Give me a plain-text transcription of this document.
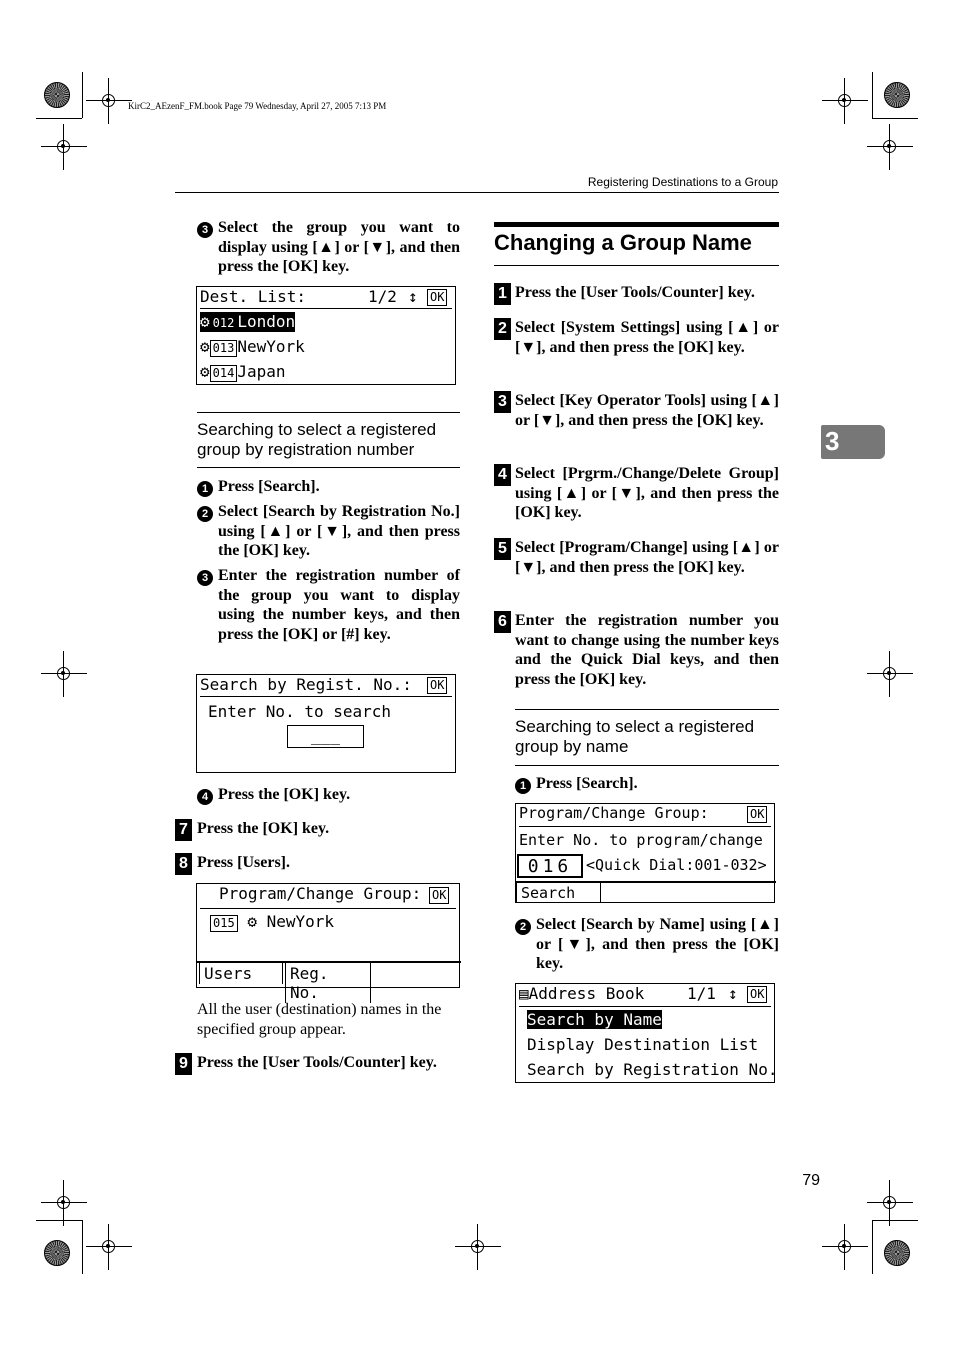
KirC2_AEzenF_FM.book Page 79 Wednesday, April 27, 2005 7:13 PM
Registering Destinations to a Group
3
3 Select the group you want to display using [▲] or [▼], and then press the [OK] key.
Dest. List:	1/2 ↕ OK
⚙ 012 London
⚙ 013 NewYork
⚙ 014 Japan
Searching to select a registered group by registration number
1 Press [Search].
2 Select [Search by Registration No.] using [▲] or [▼], and then press the [OK] key.
3 Enter the registration number of the group you want to display using the number keys, and then press the [OK] or [#] key.
Search by Regist. No.: OK
Enter No. to search
___
4 Press the [OK] key.
7 Press the [OK] key.
8 Press [Users].
Program/Change Group: OK
015 ⚙ NewYork
Users	Reg. No.
All the user (destination) names in the specified group appear.
9 Press the [User Tools/Counter] key.
Changing a Group Name
1 Press the [User Tools/Counter] key.
2 Select [System Settings] using [▲] or [▼], and then press the [OK] key.
3 Select [Key Operator Tools] using [▲] or [▼], and then press the [OK] key.
4 Select [Prgrm./Change/Delete Group] using [▲] or [▼], and then press the [OK] key.
5 Select [Program/Change] using [▲] or [▼], and then press the [OK] key.
6 Enter the registration number you want to change using the number keys and the Quick Dial keys, and then press the [OK] key.
Searching to select a registered group by name
1 Press [Search].
Program/Change Group:	OK
Enter No. to program/change
016 <Quick Dial:001-032>
Search
2 Select [Search by Name] using [▲] or [▼], and then press the [OK] key.
▤Address Book	1/1 ↕ OK
Search by Name
Display Destination List
Search by Registration No.
79
